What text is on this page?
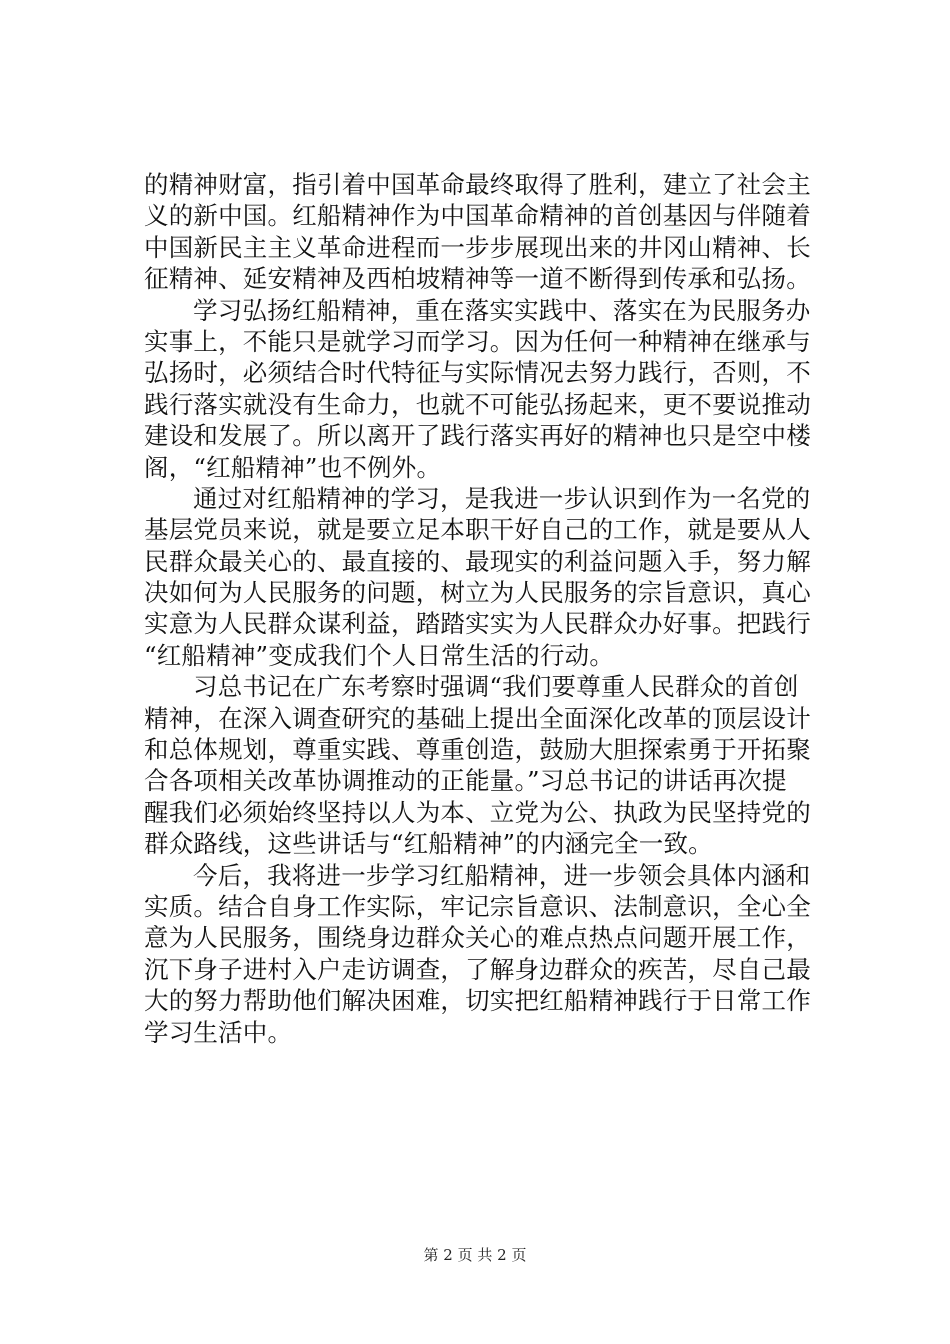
的精神财富，指引着中国革命最终取得了胜利，建立了社会主
义的新中国。红船精神作为中国革命精神的首创基因与伴随着
中国新民主主义革命进程而一步步展现出来的井冈山精神、长
征精神、延安精神及西柏坡精神等一道不断得到传承和弘扬。
学习弘扬红船精神，重在落实实践中、落实在为民服务办
实事上，不能只是就学习而学习。因为任何一种精神在继承与
弘扬时，必须结合时代特征与实际情况去努力践行，否则，不
践行落实就没有生命力，也就不可能弘扬起来，更不要说推动
建设和发展了。所以离开了践行落实再好的精神也只是空中楼
阁，“红船精神”也不例外。
通过对红船精神的学习，是我进一步认识到作为一名党的
基层党员来说，就是要立足本职干好自己的工作，就是要从人
民群众最关心的、最直接的、最现实的利益问题入手，努力解
决如何为人民服务的问题，树立为人民服务的宗旨意识，真心
实意为人民群众谋利益，踏踏实实为人民群众办好事。把践行
“红船精神”变成我们个人日常生活的行动。
习总书记在广东考察时强调“我们要尊重人民群众的首创
精神，在深入调查研究的基础上提出全面深化改革的顶层设计
和总体规划，尊重实践、尊重创造，鼓励大胆探索勇于开拓聚
合各项相关改革协调推动的正能量。”习总书记的讲话再次提
醒我们必须始终坚持以人为本、立党为公、执政为民坚持党的
群众路线，这些讲话与“红船精神”的内涵完全一致。
今后，我将进一步学习红船精神，进一步领会具体内涵和
实质。结合自身工作实际，牢记宗旨意识、法制意识，全心全
意为人民服务，围绕身边群众关心的难点热点问题开展工作，
沉下身子进村入户走访调查，了解身边群众的疾苦，尽自己最
大的努力帮助他们解决困难，切实把红船精神践行于日常工作
学习生活中。
第 2 页 共 2 页
